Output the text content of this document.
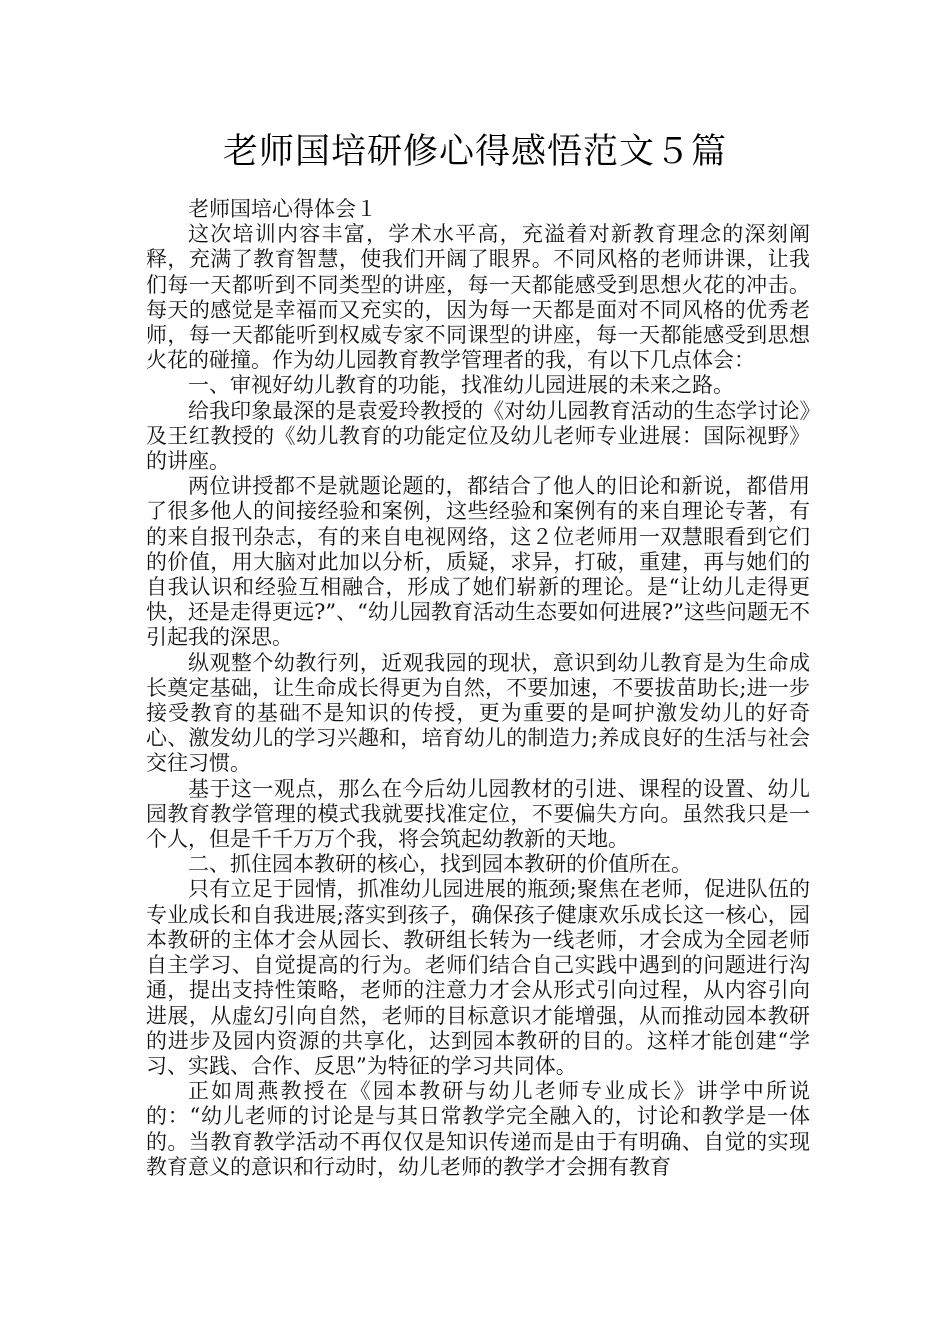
老师国培研修心得感悟范文５篇

老师国培心得体会１

这次培训内容丰富，学术水平高，充溢着对新教育理念的深刻阐释，充满了教育智慧，使我们开阔了眼界。不同风格的老师讲课，让我们每一天都听到不同类型的讲座，每一天都能感受到思想火花的冲击。每天的感觉是幸福而又充实的，因为每一天都是面对不同风格的优秀老师，每一天都能听到权威专家不同课型的讲座，每一天都能感受到思想火花的碰撞。作为幼儿园教育教学管理者的我，有以下几点体会：

一、审视好幼儿教育的功能，找准幼儿园进展的未来之路。

给我印象最深的是袁爱玲教授的《对幼儿园教育活动的生态学讨论》及王红教授的《幼儿教育的功能定位及幼儿老师专业进展：国际视野》的讲座。

两位讲授都不是就题论题的，都结合了他人的旧论和新说，都借用了很多他人的间接经验和案例，这些经验和案例有的来自理论专著，有的来自报刊杂志，有的来自电视网络，这２位老师用一双慧眼看到它们的价值，用大脑对此加以分析，质疑，求异，打破，重建，再与她们的自我认识和经验互相融合，形成了她们崭新的理论。是“让幼儿走得更快，还是走得更远?”、“幼儿园教育活动生态要如何进展?”这些问题无不引起我的深思。

纵观整个幼教行列，近观我园的现状，意识到幼儿教育是为生命成长奠定基础，让生命成长得更为自然，不要加速，不要拔苗助长;进一步接受教育的基础不是知识的传授，更为重要的是呵护激发幼儿的好奇心、激发幼儿的学习兴趣和，培育幼儿的制造力;养成良好的生活与社会交往习惯。

基于这一观点，那么在今后幼儿园教材的引进、课程的设置、幼儿园教育教学管理的模式我就要找准定位，不要偏失方向。虽然我只是一个人，但是千千万万个我，将会筑起幼教新的天地。

二、抓住园本教研的核心，找到园本教研的价值所在。

只有立足于园情，抓准幼儿园进展的瓶颈;聚焦在老师，促进队伍的专业成长和自我进展;落实到孩子，确保孩子健康欢乐成长这一核心，园本教研的主体才会从园长、教研组长转为一线老师，才会成为全园老师自主学习、自觉提高的行为。老师们结合自己实践中遇到的问题进行沟通，提出支持性策略，老师的注意力才会从形式引向过程，从内容引向进展，从虚幻引向自然，老师的目标意识才能增强，从而推动园本教研的进步及园内资源的共享化，达到园本教研的目的。这样才能创建“学习、实践、合作、反思”为特征的学习共同体。

正如周燕教授在《园本教研与幼儿老师专业成长》讲学中所说的：“幼儿老师的讨论是与其日常教学完全融入的，讨论和教学是一体的。当教育教学活动不再仅仅是知识传递而是由于有明确、自觉的实现教育意义的意识和行动时，幼儿老师的教学才会拥有教育
